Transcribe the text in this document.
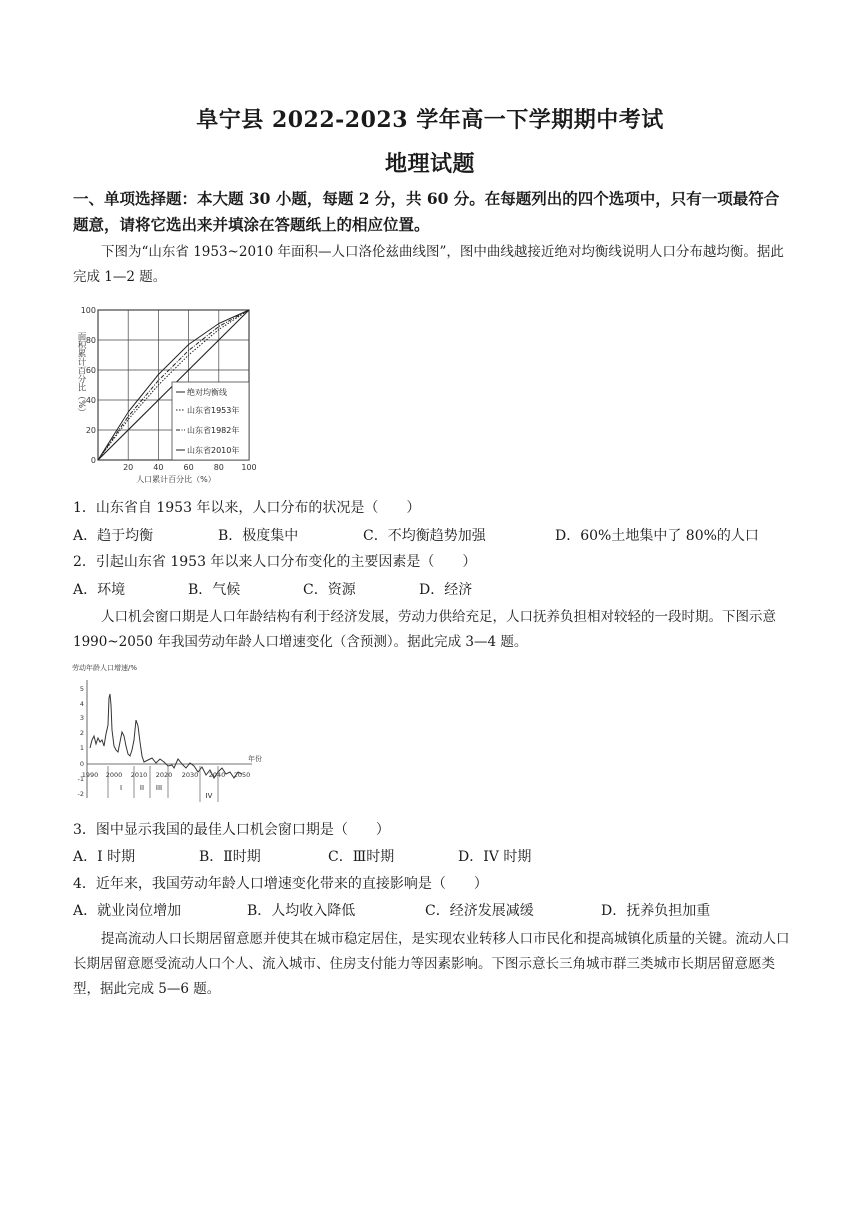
阜宁县 2022-2023 学年高一下学期期中考试
地理试题
一、单项选择题：本大题 30 小题，每题 2 分，共 60 分。在每题列出的四个选项中，只有一项最符合题意，请将它选出来并填涂在答题纸上的相应位置。
下图为“山东省 1953~2010 年面积—人口洛伦兹曲线图”，图中曲线越接近绝对均衡线说明人口分布越均衡。据此完成 1—2 题。
100
80
60
40
20
0
20	40	60	80 100
人口累计百分比（%）
面积累计百分比（%）	绝对均衡线
山东省1953年
山东省1982年
山东省2010年
1．山东省自 1953 年以来，人口分布的状况是（　　）
A．趋于均衡	B．极度集中	C．不均衡趋势加强	D．60%土地集中了 80%的人口
2．引起山东省 1953 年以来人口分布变化的主要因素是（　　）
A．环境	B．气候	C．资源	D．经济
人口机会窗口期是人口年龄结构有利于经济发展，劳动力供给充足，人口抚养负担相对较轻的一段时期。下图示意 1990~2050 年我国劳动年龄人口增速变化（含预测）。据此完成 3—4 题。
劳动年龄人口增速/%
5
4
3
2
1
0
-1
-2
1990 2000 2010 2020 2030 2040 2050
年份
I	II III
IV
3．图中显示我国的最佳人口机会窗口期是（　　）
A．I 时期	B．Ⅱ时期	C．Ⅲ时期	D．IV 时期
4．近年来，我国劳动年龄人口增速变化带来的直接影响是（　　）
A．就业岗位增加	B．人均收入降低	C．经济发展减缓	D．抚养负担加重
提高流动人口长期居留意愿并使其在城市稳定居住，是实现农业转移人口市民化和提高城镇化质量的关键。流动人口长期居留意愿受流动人口个人、流入城市、住房支付能力等因素影响。下图示意长三角城市群三类城市长期居留意愿类型，据此完成 5—6 题。
